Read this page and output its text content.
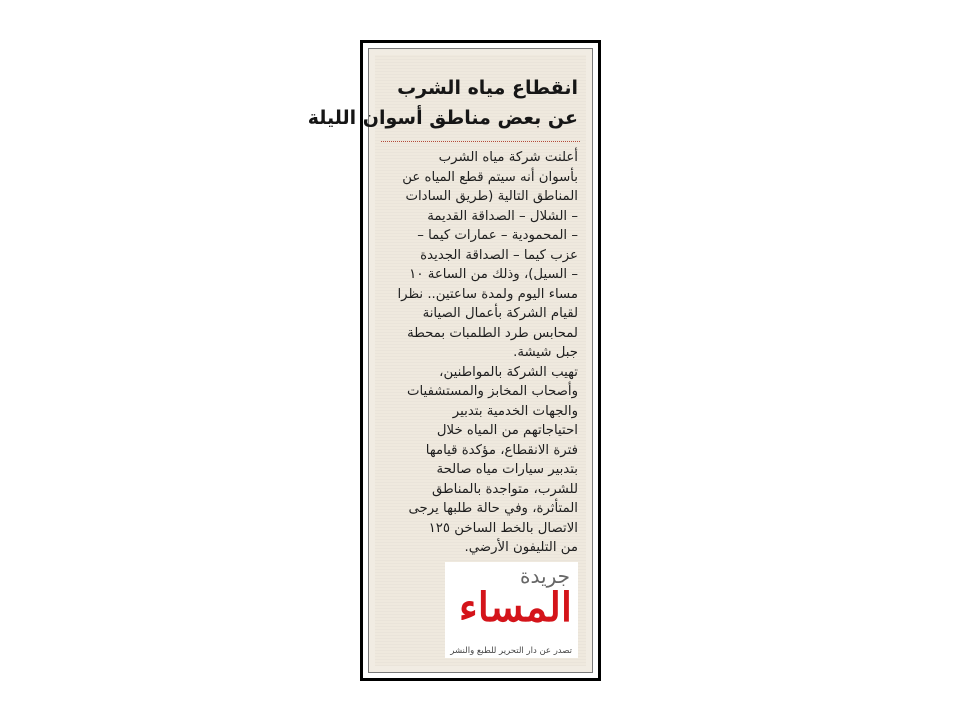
انقطاع مياه الشرب
عن بعض مناطق أسوان الليلة
أعلنت شركة مياه الشرب
بأسوان أنه سيتم قطع المياه عن
المناطق التالية (طريق السادات
– الشلال – الصداقة القديمة
– المحمودية – عمارات كيما –
عزب كيما – الصداقة الجديدة
– السيل)، وذلك من الساعة ١٠
مساء اليوم ولمدة ساعتين.. نظرا
لقيام الشركة بأعمال الصيانة
لمحابس طرد الطلمبات بمحطة
جبل شيشة.
تهيب الشركة بالمواطنين،
وأصحاب المخابز والمستشفيات
والجهات الخدمية بتدبير
احتياجاتهم من المياه خلال
فترة الانقطاع، مؤكدة قيامها
بتدبير سيارات مياه صالحة
للشرب، متواجدة بالمناطق
المتأثرة، وفي حالة طلبها يرجى
الاتصال بالخط الساخن ١٢٥
من التليفون الأرضي.
جريدة
المساء
تصدر عن دار التحرير للطبع والنشر
